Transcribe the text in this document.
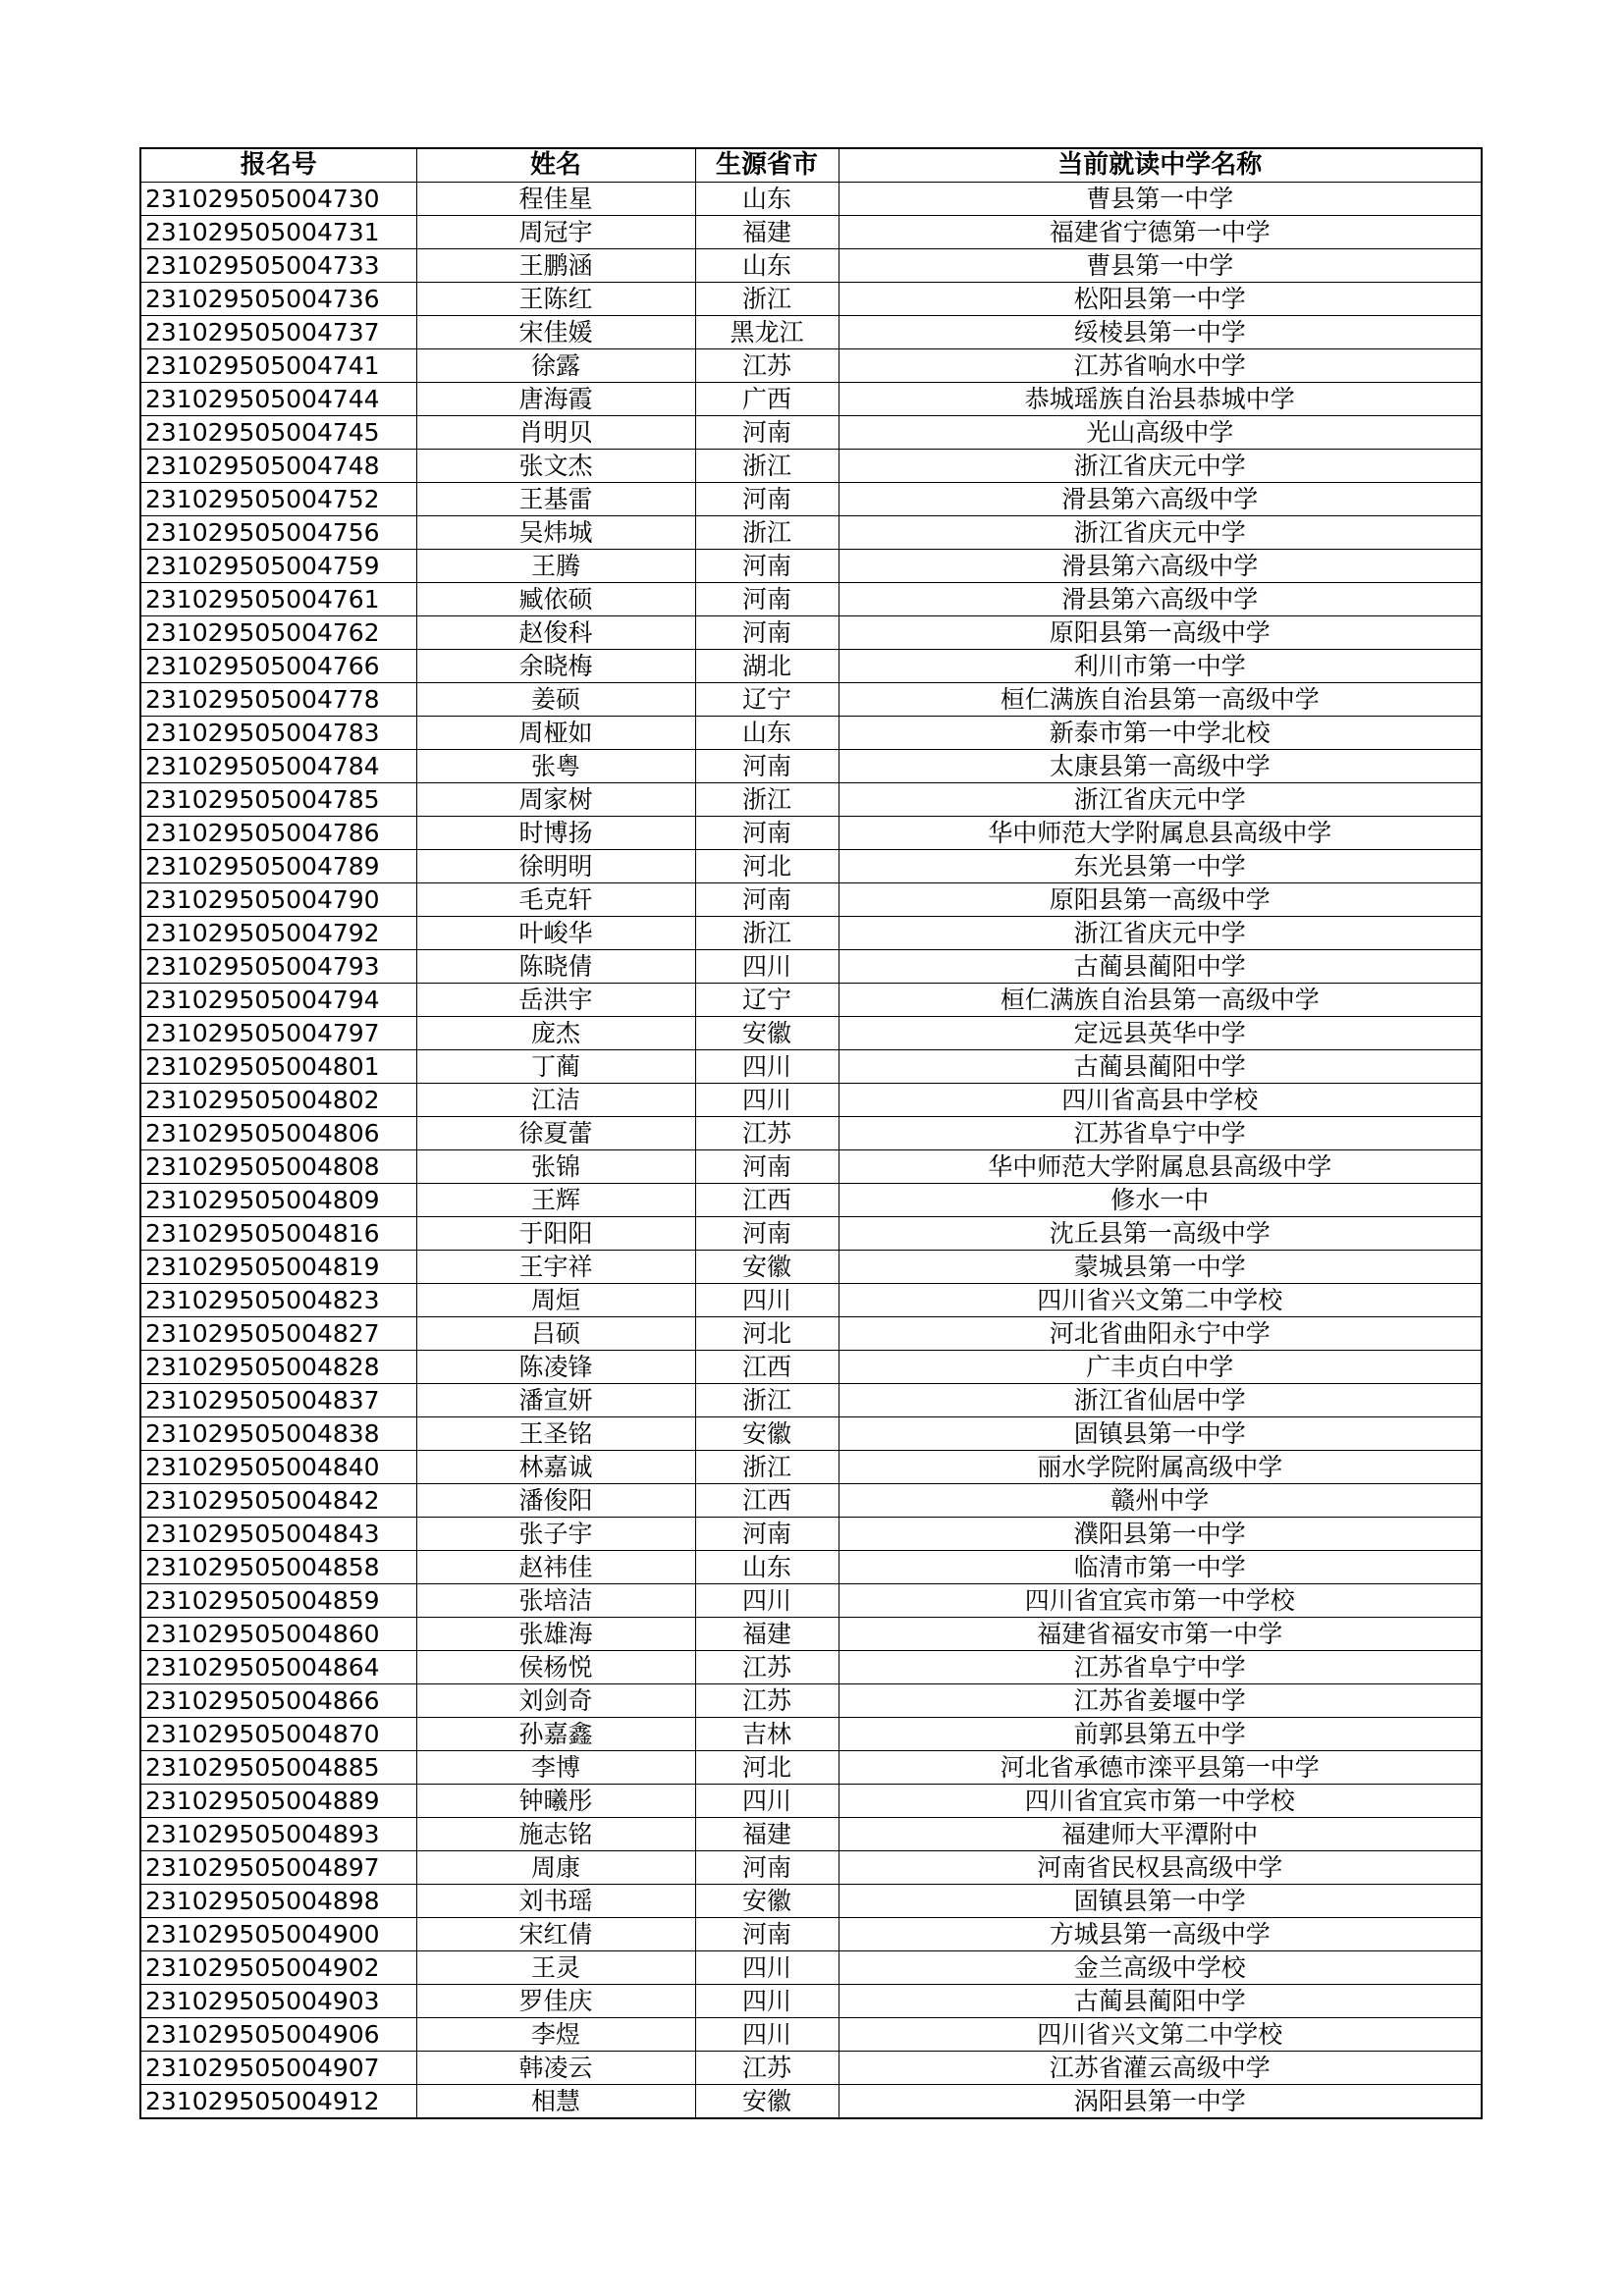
报名号	姓名	生源省市	当前就读中学名称
231029505004730	程佳星	山东	曹县第一中学
231029505004731	周冠宇	福建	福建省宁德第一中学
231029505004733	王鹏涵	山东	曹县第一中学
231029505004736	王陈红	浙江	松阳县第一中学
231029505004737	宋佳媛	黑龙江	绥棱县第一中学
231029505004741	徐露	江苏	江苏省响水中学
231029505004744	唐海霞	广西	恭城瑶族自治县恭城中学
231029505004745	肖明贝	河南	光山高级中学
231029505004748	张文杰	浙江	浙江省庆元中学
231029505004752	王基雷	河南	滑县第六高级中学
231029505004756	吴炜城	浙江	浙江省庆元中学
231029505004759	王腾	河南	滑县第六高级中学
231029505004761	臧依硕	河南	滑县第六高级中学
231029505004762	赵俊科	河南	原阳县第一高级中学
231029505004766	余晓梅	湖北	利川市第一中学
231029505004778	姜硕	辽宁	桓仁满族自治县第一高级中学
231029505004783	周桠如	山东	新泰市第一中学北校
231029505004784	张粤	河南	太康县第一高级中学
231029505004785	周家树	浙江	浙江省庆元中学
231029505004786	时博扬	河南	华中师范大学附属息县高级中学
231029505004789	徐明明	河北	东光县第一中学
231029505004790	毛克轩	河南	原阳县第一高级中学
231029505004792	叶峻华	浙江	浙江省庆元中学
231029505004793	陈晓倩	四川	古蔺县蔺阳中学
231029505004794	岳洪宇	辽宁	桓仁满族自治县第一高级中学
231029505004797	庞杰	安徽	定远县英华中学
231029505004801	丁蔺	四川	古蔺县蔺阳中学
231029505004802	江洁	四川	四川省高县中学校
231029505004806	徐夏蕾	江苏	江苏省阜宁中学
231029505004808	张锦	河南	华中师范大学附属息县高级中学
231029505004809	王辉	江西	修水一中
231029505004816	于阳阳	河南	沈丘县第一高级中学
231029505004819	王宇祥	安徽	蒙城县第一中学
231029505004823	周烜	四川	四川省兴文第二中学校
231029505004827	吕硕	河北	河北省曲阳永宁中学
231029505004828	陈凌锋	江西	广丰贞白中学
231029505004837	潘宣妍	浙江	浙江省仙居中学
231029505004838	王圣铭	安徽	固镇县第一中学
231029505004840	林嘉诚	浙江	丽水学院附属高级中学
231029505004842	潘俊阳	江西	赣州中学
231029505004843	张子宇	河南	濮阳县第一中学
231029505004858	赵祎佳	山东	临清市第一中学
231029505004859	张培洁	四川	四川省宜宾市第一中学校
231029505004860	张雄海	福建	福建省福安市第一中学
231029505004864	侯杨悦	江苏	江苏省阜宁中学
231029505004866	刘剑奇	江苏	江苏省姜堰中学
231029505004870	孙嘉鑫	吉林	前郭县第五中学
231029505004885	李博	河北	河北省承德市滦平县第一中学
231029505004889	钟曦彤	四川	四川省宜宾市第一中学校
231029505004893	施志铭	福建	福建师大平潭附中
231029505004897	周康	河南	河南省民权县高级中学
231029505004898	刘书瑶	安徽	固镇县第一中学
231029505004900	宋红倩	河南	方城县第一高级中学
231029505004902	王灵	四川	金兰高级中学校
231029505004903	罗佳庆	四川	古蔺县蔺阳中学
231029505004906	李煜	四川	四川省兴文第二中学校
231029505004907	韩凌云	江苏	江苏省灌云高级中学
231029505004912	相慧	安徽	涡阳县第一中学
